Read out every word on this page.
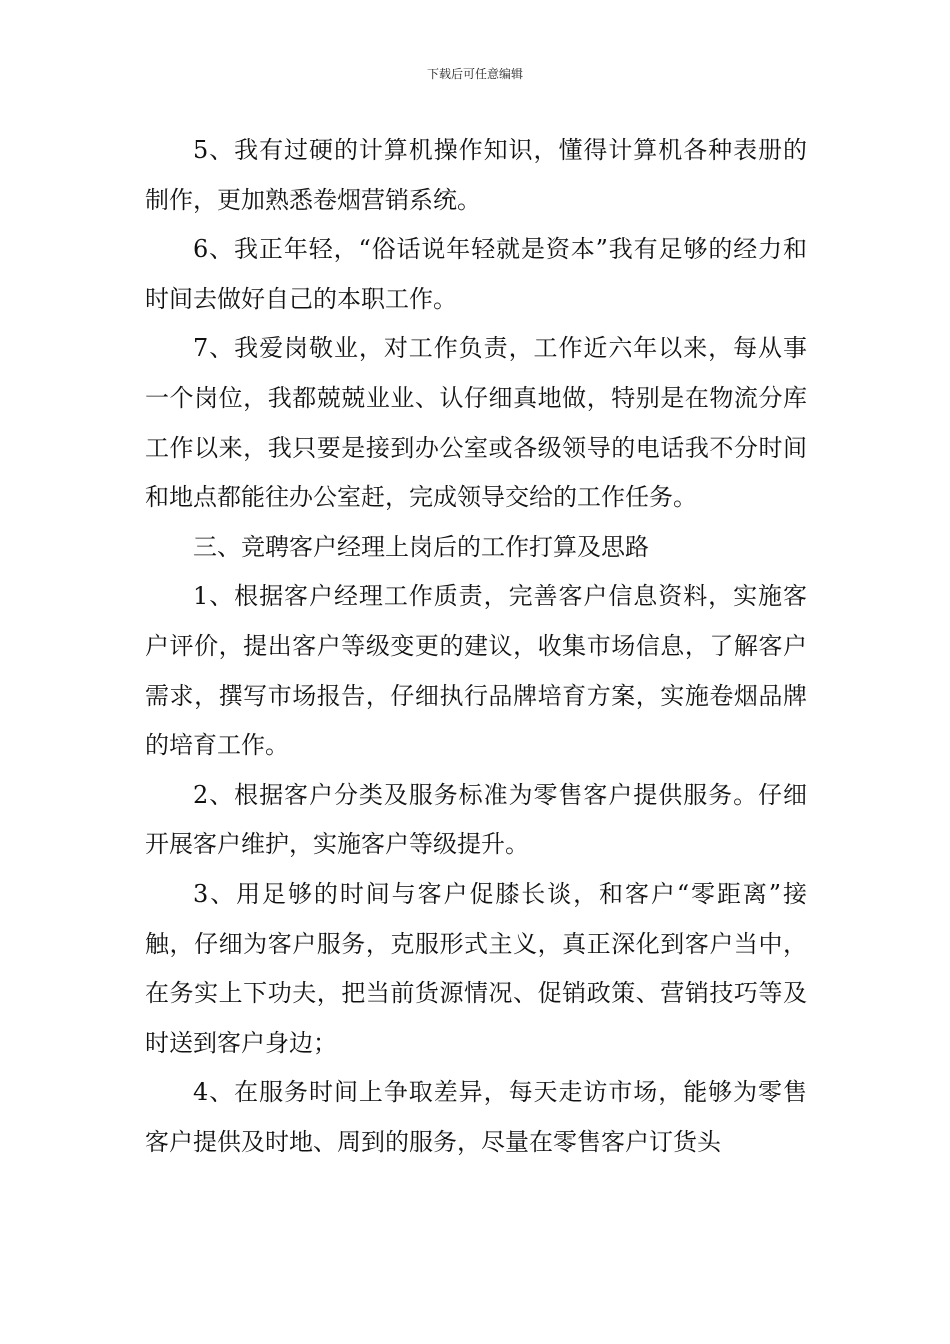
下载后可任意编辑

5、我有过硬的计算机操作知识，懂得计算机各种表册的制作，更加熟悉卷烟营销系统。

6、我正年轻，“俗话说年轻就是资本”我有足够的经力和时间去做好自己的本职工作。

7、我爱岗敬业，对工作负责，工作近六年以来，每从事一个岗位，我都兢兢业业、认仔细真地做，特别是在物流分库工作以来，我只要是接到办公室或各级领导的电话我不分时间和地点都能往办公室赶，完成领导交给的工作任务。

三、竞聘客户经理上岗后的工作打算及思路

1、根据客户经理工作质责，完善客户信息资料，实施客户评价，提出客户等级变更的建议，收集市场信息，了解客户需求，撰写市场报告，仔细执行品牌培育方案，实施卷烟品牌的培育工作。

2、根据客户分类及服务标准为零售客户提供服务。仔细开展客户维护，实施客户等级提升。

3、用足够的时间与客户促膝长谈，和客户“零距离”接触，仔细为客户服务，克服形式主义，真正深化到客户当中，在务实上下功夫，把当前货源情况、促销政策、营销技巧等及时送到客户身边；

4、在服务时间上争取差异，每天走访市场，能够为零售客户提供及时地、周到的服务，尽量在零售客户订货头
